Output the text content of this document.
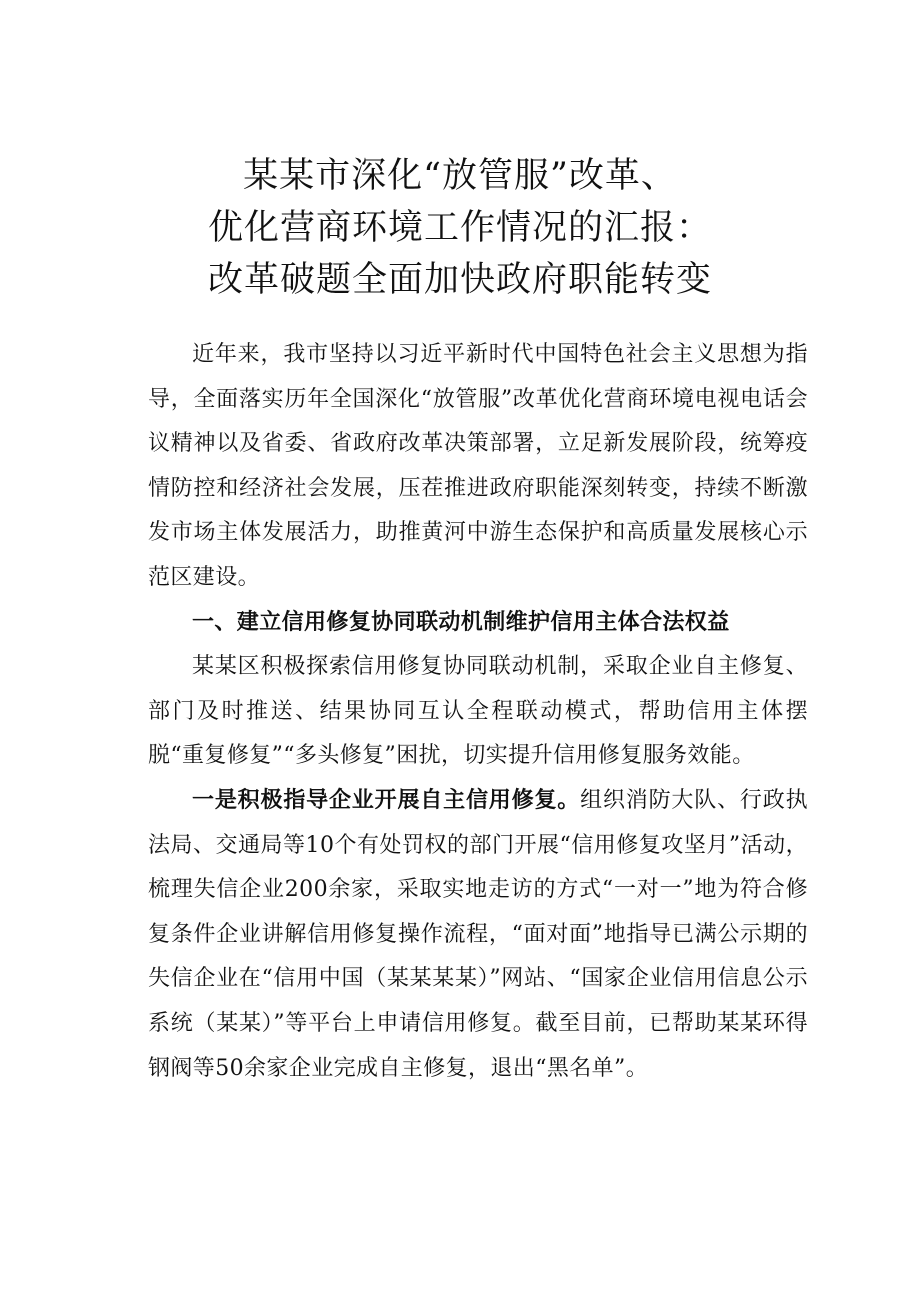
某某市深化“放管服”改革、
优化营商环境工作情况的汇报：
改革破题全面加快政府职能转变

近年来，我市坚持以习近平新时代中国特色社会主义思想为指导，全面落实历年全国深化“放管服”改革优化营商环境电视电话会议精神以及省委、省政府改革决策部署，立足新发展阶段，统筹疫情防控和经济社会发展，压茬推进政府职能深刻转变，持续不断激发市场主体发展活力，助推黄河中游生态保护和高质量发展核心示范区建设。

一、建立信用修复协同联动机制维护信用主体合法权益

某某区积极探索信用修复协同联动机制，采取企业自主修复、部门及时推送、结果协同互认全程联动模式，帮助信用主体摆脱“重复修复”“多头修复”困扰，切实提升信用修复服务效能。

一是积极指导企业开展自主信用修复。组织消防大队、行政执法局、交通局等10个有处罚权的部门开展“信用修复攻坚月”活动，梳理失信企业200余家，采取实地走访的方式“一对一”地为符合修复条件企业讲解信用修复操作流程，“面对面”地指导已满公示期的失信企业在“信用中国（某某某某）”网站、“国家企业信用信息公示系统（某某）”等平台上申请信用修复。截至目前，已帮助某某环得钢阀等50余家企业完成自主修复，退出“黑名单”。
